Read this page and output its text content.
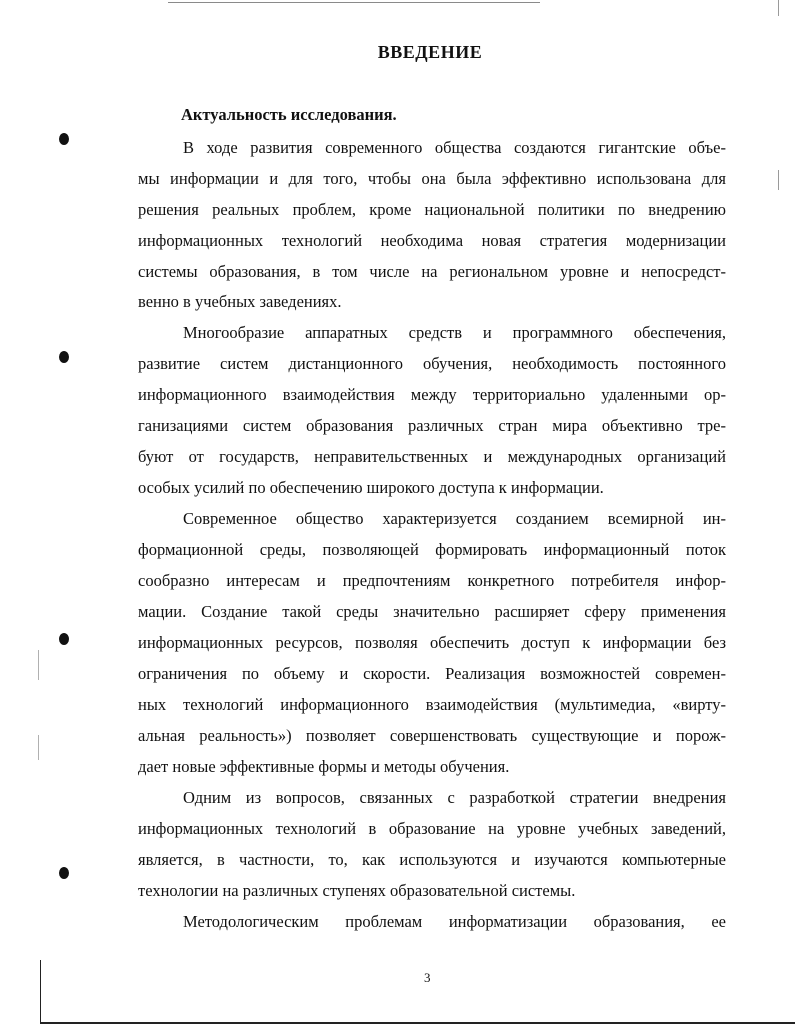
ВВЕДЕНИЕ
Актуальность исследования.
В ходе развития современного общества создаются гигантские объе-
мы информации и для того, чтобы она была эффективно использована для
решения реальных проблем, кроме национальной политики по внедрению
информационных технологий необходима новая стратегия модернизации
системы образования, в том числе на региональном уровне и непосредст-
венно в учебных заведениях.
Многообразие аппаратных средств и программного обеспечения,
развитие систем дистанционного обучения, необходимость постоянного
информационного взаимодействия между территориально удаленными ор-
ганизациями систем образования различных стран мира объективно тре-
буют от государств, неправительственных и международных организаций
особых усилий по обеспечению широкого доступа к информации.
Современное общество характеризуется созданием всемирной ин-
формационной среды, позволяющей формировать информационный поток
сообразно интересам и предпочтениям конкретного потребителя инфор-
мации. Создание такой среды значительно расширяет сферу применения
информационных ресурсов, позволяя обеспечить доступ к информации без
ограничения по объему и скорости. Реализация возможностей современ-
ных технологий информационного взаимодействия (мультимедиа, «вирту-
альная реальность») позволяет совершенствовать существующие и порож-
дает новые эффективные формы и методы обучения.
Одним из вопросов, связанных с разработкой стратегии внедрения
информационных технологий в образование на уровне учебных заведений,
является, в частности, то, как используются и изучаются компьютерные
технологии на различных ступенях образовательной системы.
Методологическим проблемам информатизации образования, ее
3
